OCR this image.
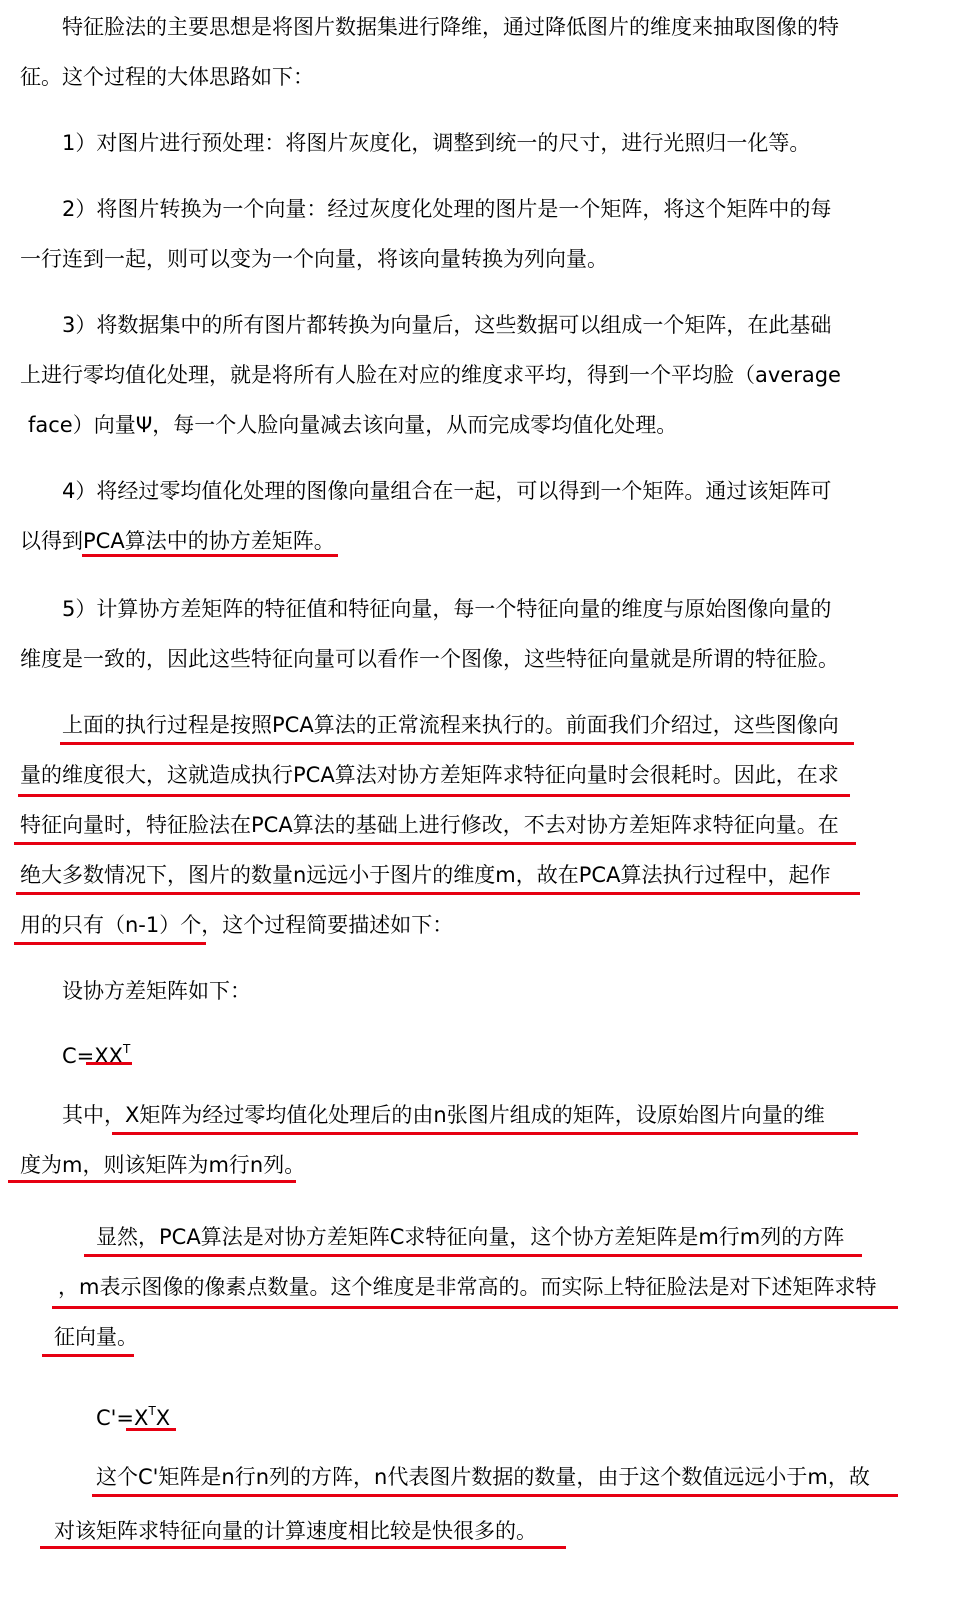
特征脸法的主要思想是将图片数据集进行降维，通过降低图片的维度来抽取图像的特
征。这个过程的大体思路如下：
1）对图片进行预处理：将图片灰度化，调整到统一的尺寸，进行光照归一化等。
2）将图片转换为一个向量：经过灰度化处理的图片是一个矩阵，将这个矩阵中的每
一行连到一起，则可以变为一个向量，将该向量转换为列向量。
3）将数据集中的所有图片都转换为向量后，这些数据可以组成一个矩阵，在此基础
上进行零均值化处理，就是将所有人脸在对应的维度求平均，得到一个平均脸（average
face）向量Ψ，每一个人脸向量减去该向量，从而完成零均值化处理。
4）将经过零均值化处理的图像向量组合在一起，可以得到一个矩阵。通过该矩阵可
以得到PCA算法中的协方差矩阵。
5）计算协方差矩阵的特征值和特征向量，每一个特征向量的维度与原始图像向量的
维度是一致的，因此这些特征向量可以看作一个图像，这些特征向量就是所谓的特征脸。
上面的执行过程是按照PCA算法的正常流程来执行的。前面我们介绍过，这些图像向
量的维度很大，这就造成执行PCA算法对协方差矩阵求特征向量时会很耗时。因此，在求
特征向量时，特征脸法在PCA算法的基础上进行修改，不去对协方差矩阵求特征向量。在
绝大多数情况下，图片的数量n远远小于图片的维度m，故在PCA算法执行过程中，起作
用的只有（n-1）个，这个过程简要描述如下：
设协方差矩阵如下：
$C=XX^T$
其中，X矩阵为经过零均值化处理后的由n张图片组成的矩阵，设原始图片向量的维
度为m，则该矩阵为m行n列。
显然，PCA算法是对协方差矩阵C求特征向量，这个协方差矩阵是m行m列的方阵
，m表示图像的像素点数量。这个维度是非常高的。而实际上特征脸法是对下述矩阵求特
征向量。
$C'=X^TX$
这个C'矩阵是n行n列的方阵，n代表图片数据的数量，由于这个数值远远小于m，故
对该矩阵求特征向量的计算速度相比较是快很多的。
